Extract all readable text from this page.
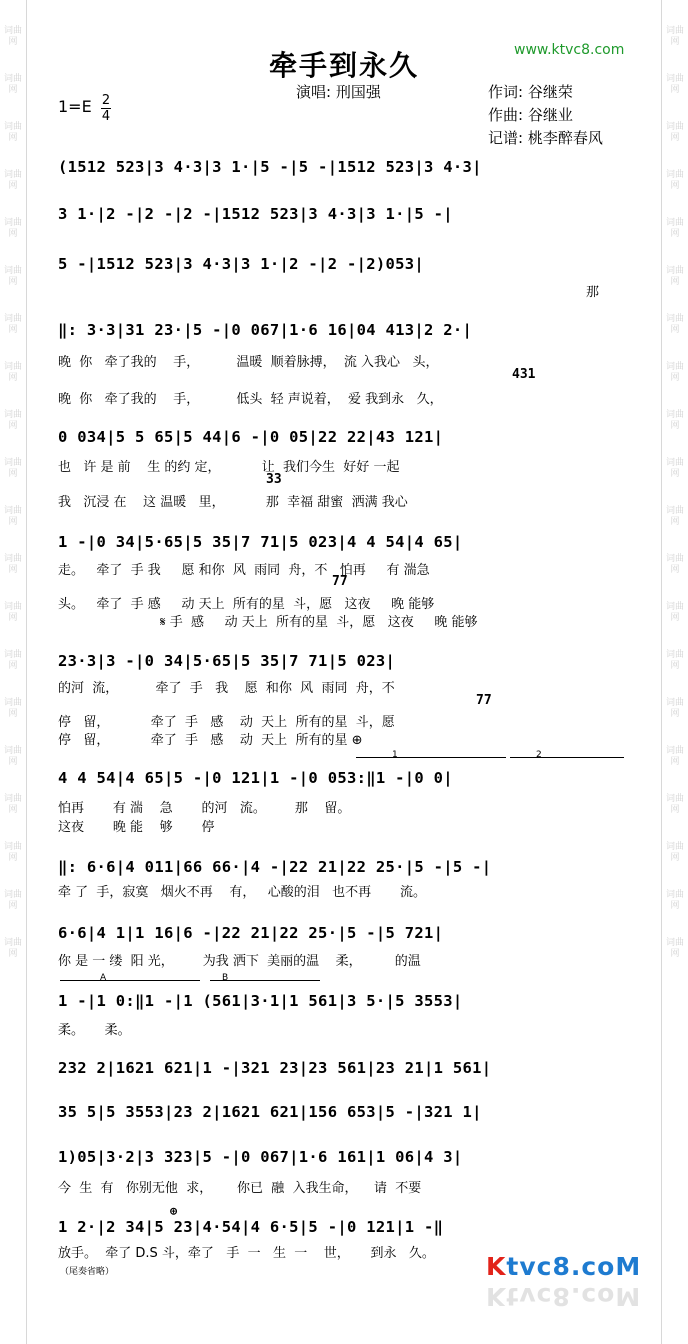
词曲网
词曲网
词曲网
词曲网
词曲网
词曲网
词曲网
词曲网
词曲网
词曲网
词曲网
词曲网
词曲网
词曲网
词曲网
词曲网
词曲网
词曲网
词曲网
词曲网
词曲网
词曲网
词曲网
词曲网
词曲网
词曲网
词曲网
词曲网
词曲网
词曲网
词曲网
词曲网
词曲网
词曲网
词曲网
词曲网
词曲网
词曲网
词曲网
词曲网
牵手到永久	www.ktvc8.com
演唱: 刑国强
1=E 2
4
作词: 谷继荣
作曲: 谷继业
记谱: 桃李醉春风
(1512 523|3 4·3|3 1·|5 -|5 -|1512 523|3 4·3|
3 1·|2 -|2 -|2 -|1512 523|3 4·3|3 1·|5 -|
5 -|1512 523|3 4·3|3 1·|2 -|2 -|2)053|
那
‖: 3·3|31 23·|5 -|0 067|1·6 16|04 413|2 2·|
晚  你   牵了我的    手，         温暖  顺着脉搏，  流 入我心   头，
431
晚  你   牵了我的    手，         低头  轻 声说着，  爱 我到永   久，
0 034|5 5 65|5 44|6 -|0 05|22 22|43 121|
也   许 是 前    生 的约 定，          让  我们今生  好好 一起
33
我   沉浸 在    这 温暖   里，          那  幸福 甜蜜  洒满 我心
1 -|0 34|5·65|5 35|7 71|5 023|4 4 54|4 65|
走。   牵了  手 我     愿 和你  风  雨同  舟，不   怕再     有 湍急
77
头。   牵了  手 感     动 天上  所有的星  斗，愿   这夜     晚 能够
𝄋 手  感     动 天上  所有的星  斗，愿   这夜     晚 能够
23·3|3 -|0 34|5·65|5 35|7 71|5 023|
的河  流，         牵了  手   我    愿  和你  风  雨同  舟，不
77
停   留，          牵了  手   感    动  天上  所有的星  斗，愿
停   留，          牵了  手   感    动  天上  所有的星 ⊕
1	2
4 4 54|4 65|5 -|0 121|1 -|0 053:‖1 -|0 0|
怕再       有 湍    急       的河   流。       那    留。
这夜       晚 能    够       停
‖: 6·6|4 011|66 66·|4 -|22 21|22 25·|5 -|5 -|
牵 了  手，寂寞   烟火不再    有，   心酸的泪   也不再       流。
6·6|4 1|1 16|6 -|22 21|22 25·|5 -|5 721|
你 是 一 缕  阳 光，       为我 洒下  美丽的温    柔，        的温
A	B
1 -|1 0:‖1 -|1 (561|3·1|1 561|3 5·|5 3553|
柔。     柔。
232 2|1621 621|1 -|321 23|23 561|23 21|1 561|
35 5|5 3553|23 2|1621 621|156 653|5 -|321 1|
1)05|3·2|3 323|5 -|0 067|1·6 161|1 06|4 3|
今  生  有   你别无他  求，      你已  融  入我生命，    请  不要
⊕
1 2·|2 34|5 23|4·54|4 6·5|5 -|0 121|1 -‖
放手。  牵了 D.S 斗，牵了   手  一   生  一    世，     到永   久。
（尾奏省略）	Ktvc8.coM
Ktvc8.coM
